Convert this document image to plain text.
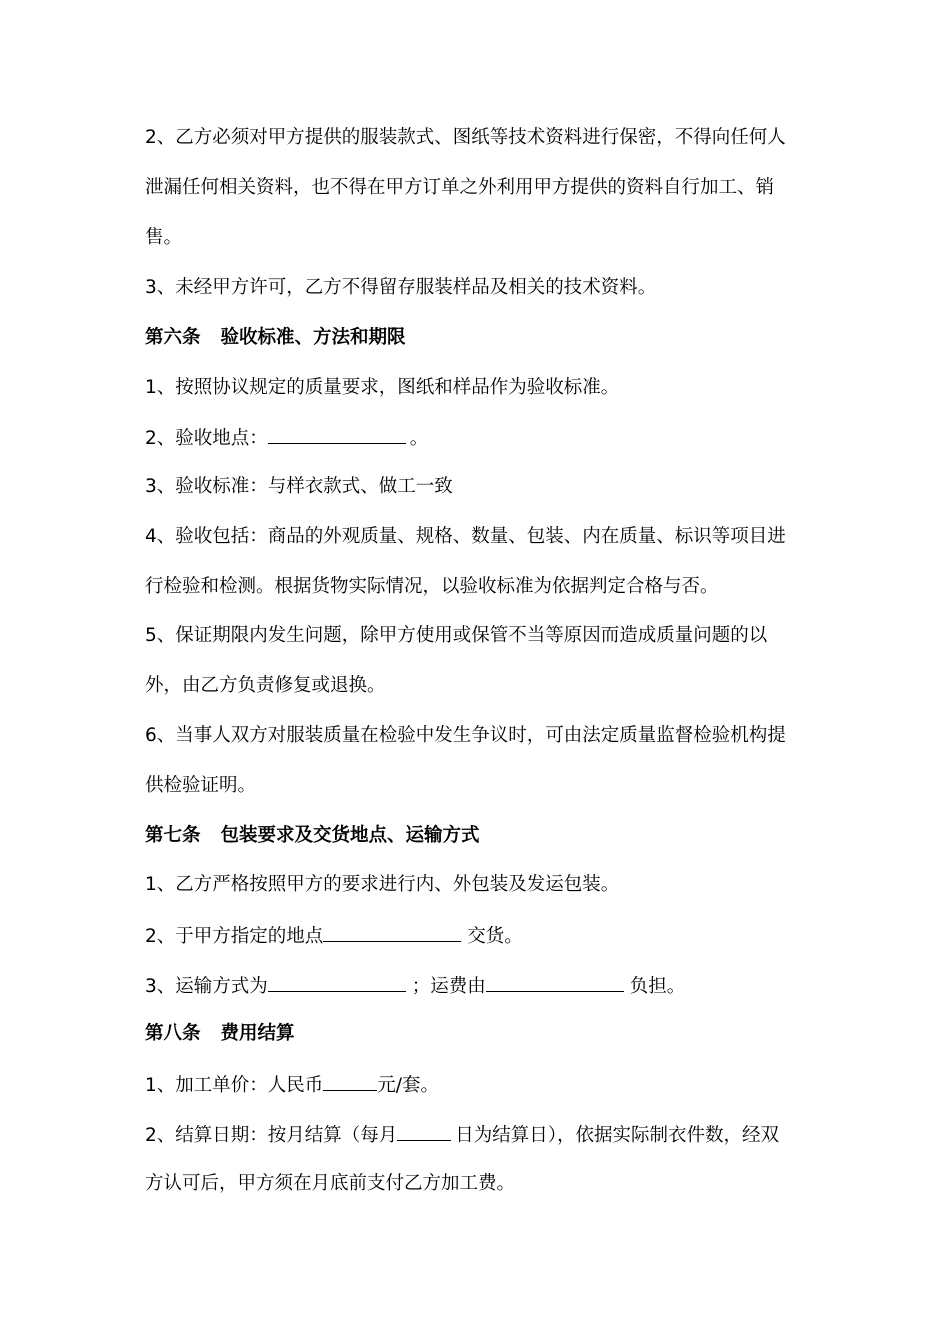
2、乙方必须对甲方提供的服装款式、图纸等技术资料进行保密，不得向任何人
泄漏任何相关资料，也不得在甲方订单之外利用甲方提供的资料自行加工、销
售。
3、未经甲方许可，乙方不得留存服装样品及相关的技术资料。
第六条 验收标准、方法和期限
1、按照协议规定的质量要求，图纸和样品作为验收标准。
2、验收地点：	。
3、验收标准：与样衣款式、做工一致
4、验收包括：商品的外观质量、规格、数量、包装、内在质量、标识等项目进
行检验和检测。根据货物实际情况，以验收标准为依据判定合格与否。
5、保证期限内发生问题，除甲方使用或保管不当等原因而造成质量问题的以
外，由乙方负责修复或退换。
6、当事人双方对服装质量在检验中发生争议时，可由法定质量监督检验机构提
供检验证明。
第七条 包装要求及交货地点、运输方式
1、乙方严格按照甲方的要求进行内、外包装及发运包装。
2、于甲方指定的地点	交货。
3、运输方式为	；运费由	负担。
第八条 费用结算
1、加工单价：人民币	元/套。
2、结算日期：按月结算（每月	日为结算日），依据实际制衣件数，经双
方认可后，甲方须在月底前支付乙方加工费。
